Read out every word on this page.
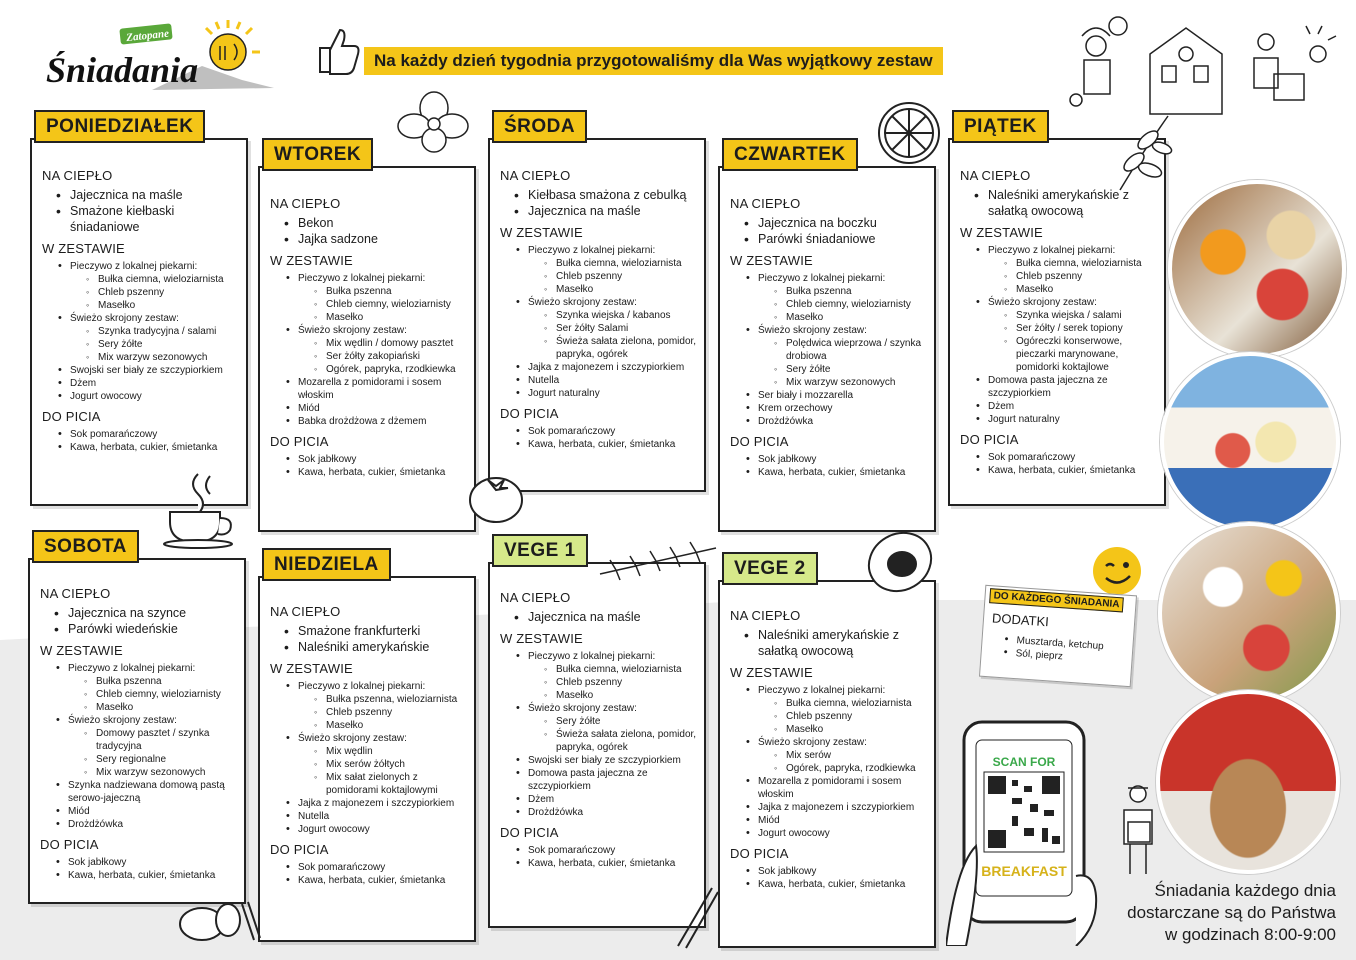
Zatopane
Śniadania	Na każdy dzień tygodnia przygotowaliśmy dla Was wyjątkowy zestaw
PONIEDZIAŁEK
NA CIEPŁO
• Jajecznica na maśle
• Smażone kiełbaski śniadaniowe
W ZESTAWIE
• Pieczywo z lokalnej piekarni:
◦ Bułka ciemna, wieloziarnista
◦ Chleb pszenny
◦ Masełko
• Świeżo skrojony zestaw:
◦ Szynka tradycyjna / salami
◦ Sery żółte
◦ Mix warzyw sezonowych
• Swojski ser biały ze szczypiorkiem
• Dżem
• Jogurt owocowy
DO PICIA
• Sok pomarańczowy
• Kawa, herbata, cukier, śmietanka
WTOREK
NA CIEPŁO
• Bekon
• Jajka sadzone
W ZESTAWIE
• Pieczywo z lokalnej piekarni:
◦ Bułka pszenna
◦ Chleb ciemny, wieloziarnisty
◦ Masełko
• Świeżo skrojony zestaw:
◦ Mix wędlin / domowy pasztet
◦ Ser żółty zakopiański
◦ Ogórek, papryka, rzodkiewka
• Mozarella z pomidorami i sosem włoskim
• Miód
• Babka drożdżowa z dżemem
DO PICIA
• Sok jabłkowy
• Kawa, herbata, cukier, śmietanka
ŚRODA
NA CIEPŁO
• Kiełbasa smażona z cebulką
• Jajecznica na maśle
W ZESTAWIE
• Pieczywo z lokalnej piekarni:
◦ Bułka ciemna, wieloziarnista
◦ Chleb pszenny
◦ Masełko
• Świeżo skrojony zestaw:
◦ Szynka wiejska / kabanos
◦ Ser żółty Salami
◦ Świeża sałata zielona, pomidor, papryka, ogórek
• Jajka z majonezem i szczypiorkiem
• Nutella
• Jogurt naturalny
DO PICIA
• Sok pomarańczowy
• Kawa, herbata, cukier, śmietanka
CZWARTEK
NA CIEPŁO
• Jajecznica na boczku
• Parówki śniadaniowe
W ZESTAWIE
• Pieczywo z lokalnej piekarni:
◦ Bułka pszenna
◦ Chleb ciemny, wieloziarnisty
◦ Masełko
• Świeżo skrojony zestaw:
◦ Polędwica wieprzowa / szynka drobiowa
◦ Sery żółte
◦ Mix warzyw sezonowych
• Ser biały i mozzarella
• Krem orzechowy
• Drożdżówka
DO PICIA
• Sok jabłkowy
• Kawa, herbata, cukier, śmietanka
PIĄTEK
NA CIEPŁO
• Naleśniki amerykańskie z sałatką owocową
W ZESTAWIE
• Pieczywo z lokalnej piekarni:
◦ Bułka ciemna, wieloziarnista
◦ Chleb pszenny
◦ Masełko
• Świeżo skrojony zestaw:
◦ Szynka wiejska / salami
◦ Ser żółty / serek topiony
◦ Ogóreczki konserwowe, pieczarki marynowane, pomidorki koktajlowe
• Domowa pasta jajeczna ze szczypiorkiem
• Dżem
• Jogurt naturalny
DO PICIA
• Sok pomarańczowy
• Kawa, herbata, cukier, śmietanka
SOBOTA
NA CIEPŁO
• Jajecznica na szynce
• Parówki wiedeńskie
W ZESTAWIE
• Pieczywo z lokalnej piekarni:
◦ Bułka pszenna
◦ Chleb ciemny, wieloziarnisty
◦ Masełko
• Świeżo skrojony zestaw:
◦ Domowy pasztet / szynka tradycyjna
◦ Sery regionalne
◦ Mix warzyw sezonowych
• Szynka nadziewana domową pastą serowo-jajeczną
• Miód
• Drożdżówka
DO PICIA
• Sok jabłkowy
• Kawa, herbata, cukier, śmietanka
NIEDZIELA
NA CIEPŁO
• Smażone frankfurterki
• Naleśniki amerykańskie
W ZESTAWIE
• Pieczywo z lokalnej piekarni:
◦ Bułka pszenna, wieloziarnista
◦ Chleb pszenny
◦ Masełko
• Świeżo skrojony zestaw:
◦ Mix wędlin
◦ Mix serów żółtych
◦ Mix sałat zielonych z pomidorami koktajlowymi
• Jajka z majonezem i szczypiorkiem
• Nutella
• Jogurt owocowy
DO PICIA
• Sok pomarańczowy
• Kawa, herbata, cukier, śmietanka
VEGE 1
NA CIEPŁO
• Jajecznica na maśle
W ZESTAWIE
• Pieczywo z lokalnej piekarni:
◦ Bułka ciemna, wieloziarnista
◦ Chleb pszenny
◦ Masełko
• Świeżo skrojony zestaw:
◦ Sery żółte
◦ Świeża sałata zielona, pomidor, papryka, ogórek
• Swojski ser biały ze szczypiorkiem
• Domowa pasta jajeczna ze szczypiorkiem
• Dżem
• Drożdżówka
DO PICIA
• Sok pomarańczowy
• Kawa, herbata, cukier, śmietanka
VEGE 2
NA CIEPŁO
• Naleśniki amerykańskie z sałatką owocową
W ZESTAWIE
• Pieczywo z lokalnej piekarni:
◦ Bułka ciemna, wieloziarnista
◦ Chleb pszenny
◦ Masełko
• Świeżo skrojony zestaw:
◦ Mix serów
◦ Ogórek, papryka, rzodkiewka
• Mozarella z pomidorami i sosem włoskim
• Jajka z majonezem i szczypiorkiem
• Miód
• Jogurt owocowy
DO PICIA
• Sok jabłkowy
• Kawa, herbata, cukier, śmietanka
DO KAŻDEGO ŚNIADANIA
DODATKI
• Musztarda, ketchup
• Sól, pieprz
SCAN FOR
BREAKFAST
Śniadania każdego dnia
dostarczane są do Państwa
w godzinach 8:00-9:00
